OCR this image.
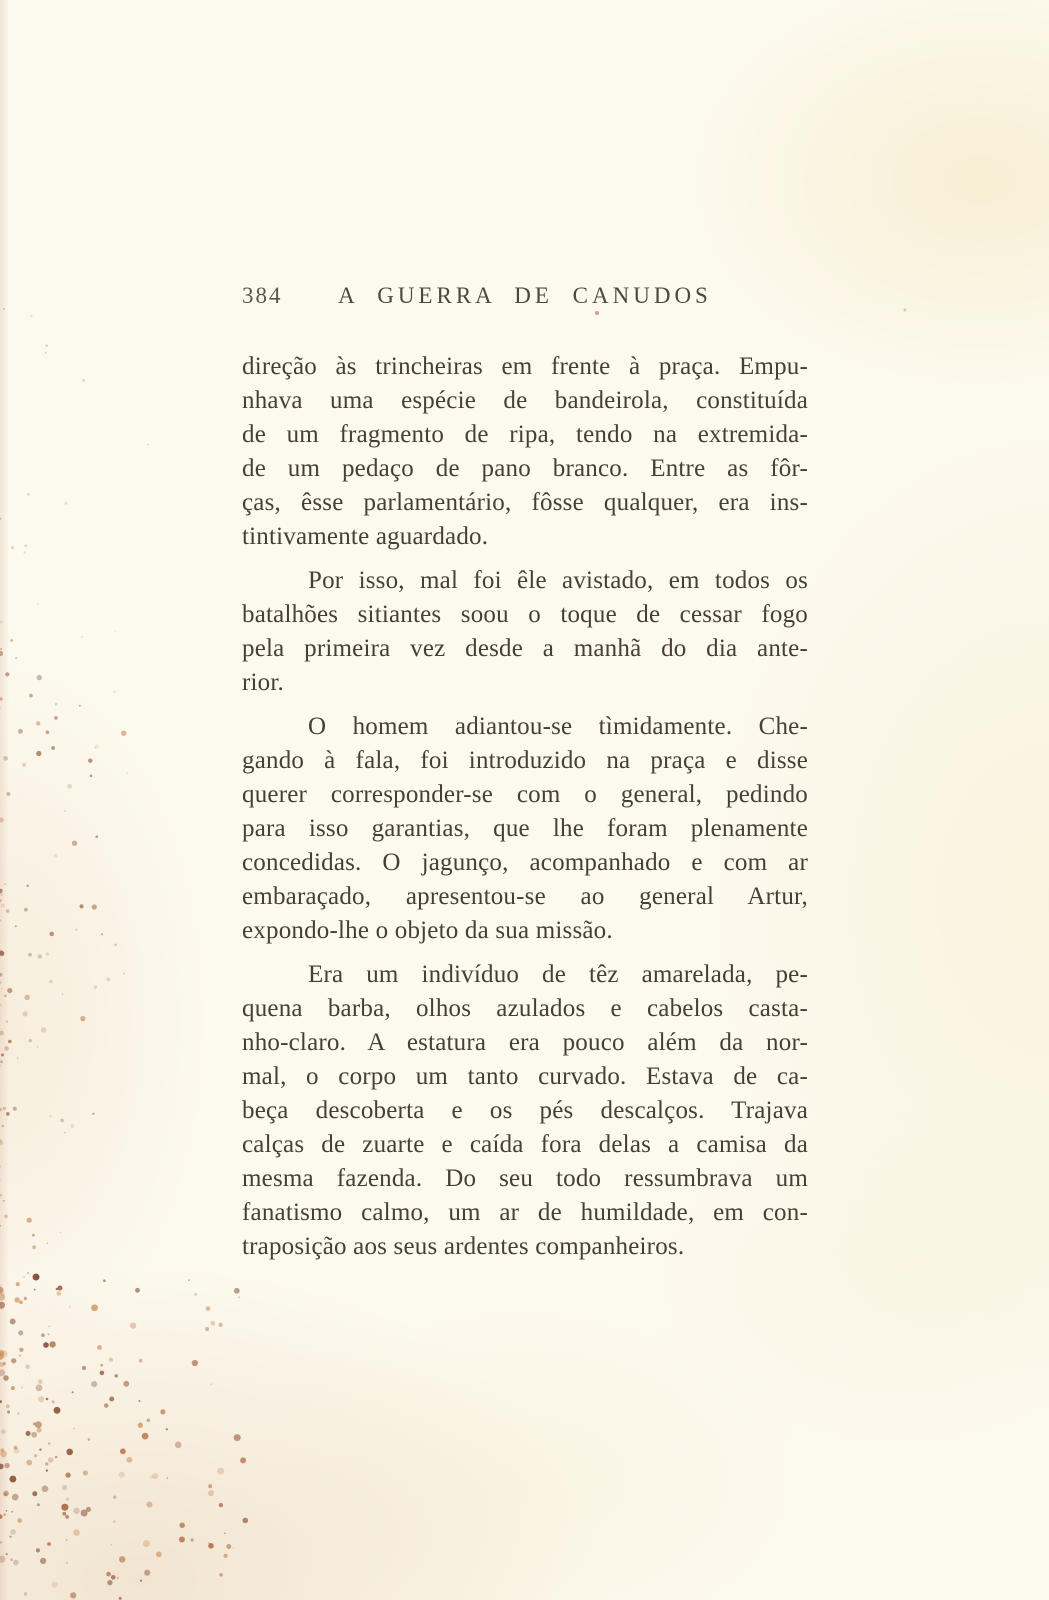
384 A GUERRA DE CANUDOS
direção às trincheiras em frente à praça. Empu-
nhava uma espécie de bandeirola, constituída
de um fragmento de ripa, tendo na extremida-
de um pedaço de pano branco. Entre as fôr-
ças, êsse parlamentário, fôsse qualquer, era ins-
tintivamente aguardado.
Por isso, mal foi êle avistado, em todos os
batalhões sitiantes soou o toque de cessar fogo
pela primeira vez desde a manhã do dia ante-
rior.
O homem adiantou-se tìmidamente. Che-
gando à fala, foi introduzido na praça e disse
querer corresponder-se com o general, pedindo
para isso garantias, que lhe foram plenamente
concedidas. O jagunço, acompanhado e com ar
embaraçado, apresentou-se ao general Artur,
expondo-lhe o objeto da sua missão.
Era um indivíduo de têz amarelada, pe-
quena barba, olhos azulados e cabelos casta-
nho-claro. A estatura era pouco além da nor-
mal, o corpo um tanto curvado. Estava de ca-
beça descoberta e os pés descalços. Trajava
calças de zuarte e caída fora delas a camisa da
mesma fazenda. Do seu todo ressumbrava um
fanatismo calmo, um ar de humildade, em con-
traposição aos seus ardentes companheiros.
